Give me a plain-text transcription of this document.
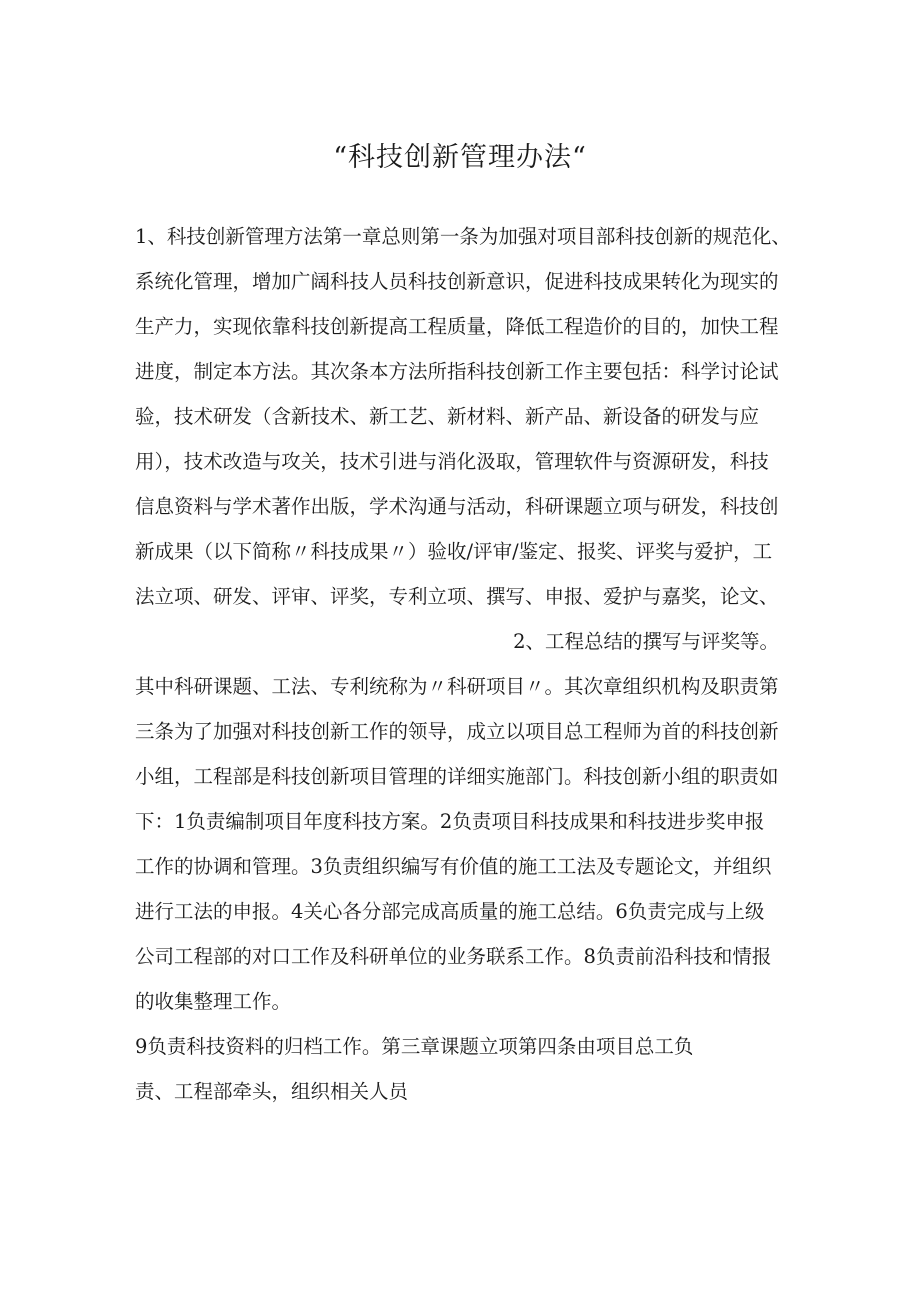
“科技创新管理办法“
1、科技创新管理方法第一章总则第一条为加强对项目部科技创新的规范化、
系统化管理，增加广阔科技人员科技创新意识，促进科技成果转化为现实的
生产力，实现依靠科技创新提高工程质量，降低工程造价的目的，加快工程
进度，制定本方法。其次条本方法所指科技创新工作主要包括：科学讨论试
验，技术研发（含新技术、新工艺、新材料、新产品、新设备的研发与应
用），技术改造与攻关，技术引进与消化汲取，管理软件与资源研发，科技
信息资料与学术著作出版，学术沟通与活动，科研课题立项与研发，科技创
新成果（以下简称〃科技成果〃）验收/评审/鉴定、报奖、评奖与爱护，工
法立项、研发、评审、评奖，专利立项、撰写、申报、爱护与嘉奖，论文、
2、工程总结的撰写与评奖等。
其中科研课题、工法、专利统称为〃科研项目〃。其次章组织机构及职责第
三条为了加强对科技创新工作的领导，成立以项目总工程师为首的科技创新
小组，工程部是科技创新项目管理的详细实施部门。科技创新小组的职责如
下：1负责编制项目年度科技方案。2负责项目科技成果和科技进步奖申报
工作的协调和管理。3负责组织编写有价值的施工工法及专题论文，并组织
进行工法的申报。4关心各分部完成高质量的施工总结。6负责完成与上级
公司工程部的对口工作及科研单位的业务联系工作。8负责前沿科技和情报
的收集整理工作。
9负责科技资料的归档工作。第三章课题立项第四条由项目总工负
责、工程部牵头，组织相关人员
